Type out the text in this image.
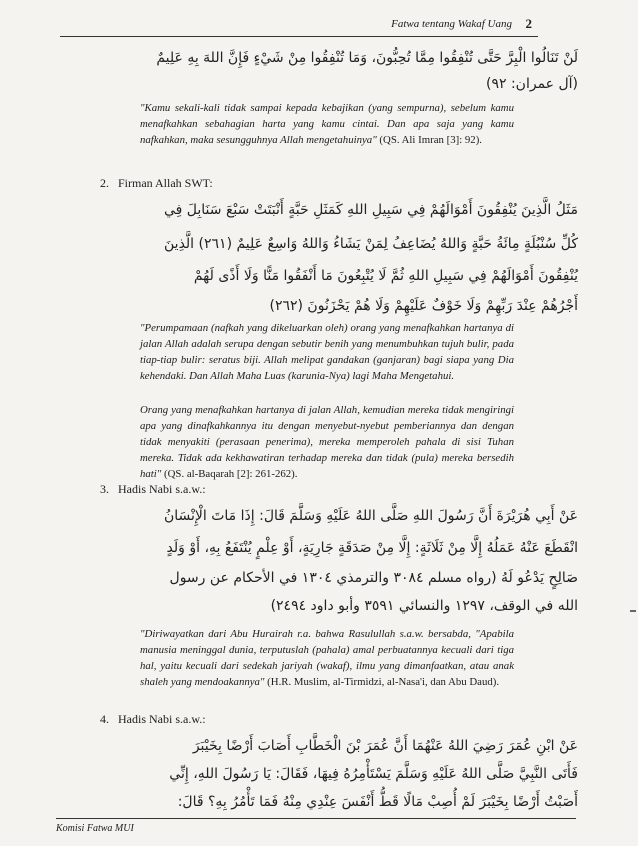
Fatwa tentang Wakaf Uang 2
لَنْ تَنَالُوا الْبِرَّ حَتَّى تُنْفِقُوا مِمَّا تُحِبُّونَ، وَمَا تُنْفِقُوا مِنْ شَيْءٍ فَإِنَّ اللهَ بِهِ عَلِيمٌ
(آل عمران: ٩٢)
"Kamu sekali-kali tidak sampai kepada kebajikan (yang sempurna), sebelum kamu menafkahkan sebahagian harta yang kamu cintai. Dan apa saja yang kamu nafkahkan, maka sesungguhnya Allah mengetahuinya" (QS. Ali Imran [3]: 92).
2. Firman Allah SWT:
مَثَلُ الَّذِينَ يُنْفِقُونَ أَمْوَالَهُمْ فِي سَبِيلِ اللهِ كَمَثَلِ حَبَّةٍ أَنْبَتَتْ سَبْعَ سَنَابِلَ فِي
كُلِّ سُنْبُلَةٍ مِائَةُ حَبَّةٍ وَاللهُ يُضَاعِفُ لِمَنْ يَشَاءُ وَاللهُ وَاسِعٌ عَلِيمٌ (٢٦١) الَّذِينَ
يُنْفِقُونَ أَمْوَالَهُمْ فِي سَبِيلِ اللهِ ثُمَّ لَا يُتْبِعُونَ مَا أَنْفَقُوا مَنًّا وَلَا أَذًى لَهُمْ
أَجْرُهُمْ عِنْدَ رَبِّهِمْ وَلَا خَوْفٌ عَلَيْهِمْ وَلَا هُمْ يَحْزَنُونَ (٢٦٢)
"Perumpamaan (nafkah yang dikeluarkan oleh) orang yang menafkahkan hartanya di jalan Allah adalah serupa dengan sebutir benih yang menumbuhkan tujuh bulir, pada tiap-tiap bulir: seratus biji. Allah melipat gandakan (ganjaran) bagi siapa yang Dia kehendaki. Dan Allah Maha Luas (karunia-Nya) lagi Maha Mengetahui.
Orang yang menafkahkan hartanya di jalan Allah, kemudian mereka tidak mengiringi apa yang dinafkahkannya itu dengan menyebut-nyebut pemberiannya dan dengan tidak menyakiti (perasaan penerima), mereka memperoleh pahala di sisi Tuhan mereka. Tidak ada kekhawatiran terhadap mereka dan tidak (pula) mereka bersedih hati" (QS. al-Baqarah [2]: 261-262).
3. Hadis Nabi s.a.w.:
عَنْ أَبِي هُرَيْرَةَ أَنَّ رَسُولَ اللهِ صَلَّى اللهُ عَلَيْهِ وَسَلَّمَ قَالَ: إِذَا مَاتَ الْإِنْسَانُ
انْقَطَعَ عَنْهُ عَمَلُهُ إِلَّا مِنْ ثَلَاثَةٍ: إِلَّا مِنْ صَدَقَةٍ جَارِيَةٍ، أَوْ عِلْمٍ يُنْتَفَعُ بِهِ، أَوْ وَلَدٍ
صَالِحٍ يَدْعُو لَهُ (رواه مسلم ٣٠٨٤ والترمذي ١٣٠٤ في الأحكام عن رسول
الله في الوقف، ١٢٩٧ والنسائي ٣٥٩١ وأبو داود ٢٤٩٤)
"Diriwayatkan dari Abu Hurairah r.a. bahwa Rasulullah s.a.w. bersabda, "Apabila manusia meninggal dunia, terputuslah (pahala) amal perbuatannya kecuali dari tiga hal, yaitu kecuali dari sedekah jariyah (wakaf), ilmu yang dimanfaatkan, atau anak shaleh yang mendoakannya" (H.R. Muslim, al-Tirmidzi, al-Nasa'i, dan Abu Daud).
4. Hadis Nabi s.a.w.:
عَنْ ابْنِ عُمَرَ رَضِيَ اللهُ عَنْهُمَا أَنَّ عُمَرَ بْنَ الْخَطَّابِ أَصَابَ أَرْضًا بِخَيْبَرَ
فَأَتَى النَّبِيَّ صَلَّى اللهُ عَلَيْهِ وَسَلَّمَ يَسْتَأْمِرُهُ فِيهَا، فَقَالَ: يَا رَسُولَ اللهِ، إِنِّي
أَصَبْتُ أَرْضًا بِخَيْبَرَ لَمْ أُصِبْ مَالًا قَطُّ أَنْفَسَ عِنْدِي مِنْهُ فَمَا تَأْمُرُ بِهِ؟ قَالَ:
Komisi Fatwa MUI
